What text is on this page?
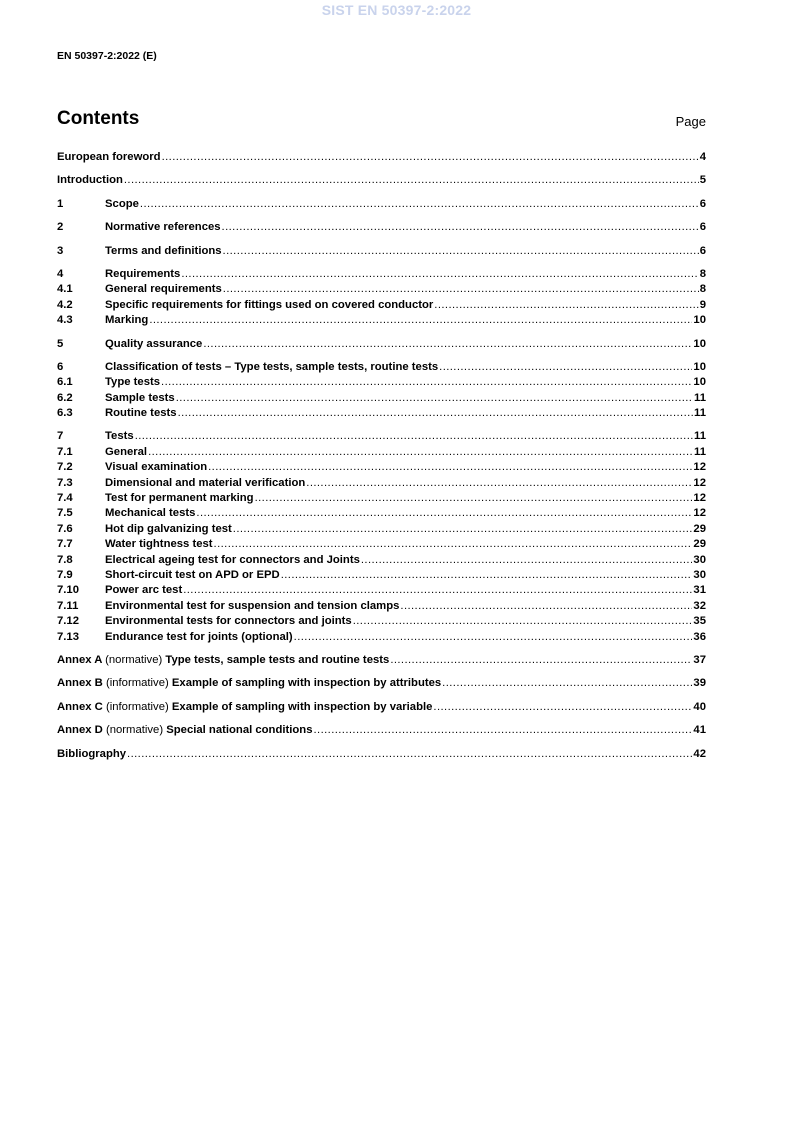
SIST EN 50397-2:2022
EN 50397-2:2022 (E)
Contents	Page
European foreword .....	4
Introduction .....	5
1	Scope .....	6
2	Normative references .....	6
3	Terms and definitions .....	6
4	Requirements .....	8
4.1	General requirements .....	8
4.2	Specific requirements for fittings used on covered conductor .....	9
4.3	Marking .....	10
5	Quality assurance .....	10
6	Classification of tests – Type tests, sample tests, routine tests .....	10
6.1	Type tests .....	10
6.2	Sample tests .....	11
6.3	Routine tests .....	11
7	Tests .....	11
7.1	General .....	11
7.2	Visual examination .....	12
7.3	Dimensional and material verification .....	12
7.4	Test for permanent marking .....	12
7.5	Mechanical tests .....	12
7.6	Hot dip galvanizing test .....	29
7.7	Water tightness test .....	29
7.8	Electrical ageing test for connectors and Joints .....	30
7.9	Short-circuit test on APD or EPD .....	30
7.10	Power arc test .....	31
7.11	Environmental test for suspension and tension clamps .....	32
7.12	Environmental tests for connectors and joints .....	35
7.13	Endurance test for joints (optional) .....	36
Annex A (normative) Type tests, sample tests and routine tests .....	37
Annex B (informative) Example of sampling with inspection by attributes .....	39
Annex C (informative) Example of sampling with inspection by variable .....	40
Annex D (normative) Special national conditions .....	41
Bibliography .....	42
